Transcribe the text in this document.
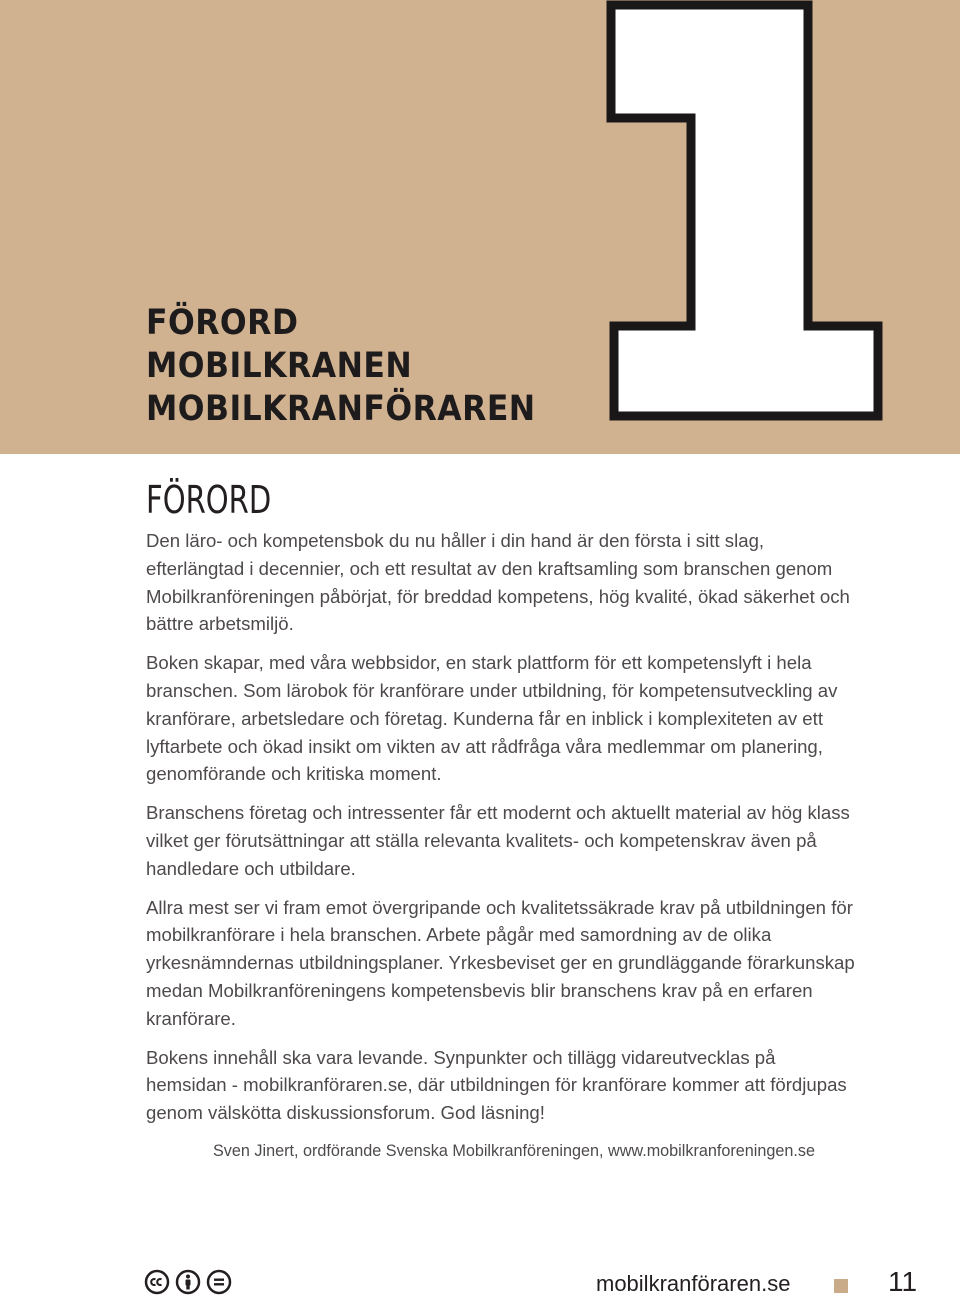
FÖRORD
MOBILKRANEN
MOBILKRANFÖRAREN
FÖRORD

Den läro- och kompetensbok du nu håller i din hand är den första i sitt slag, efterlängtad i decennier, och ett resultat av den kraftsamling som branschen genom Mobilkranföreningen påbörjat, för breddad kompetens, hög kvalité, ökad säkerhet och bättre arbetsmiljö.

Boken skapar, med våra webbsidor, en stark plattform för ett kompetenslyft i hela branschen. Som lärobok för kranförare under utbildning, för kompetensutveckling av kranförare, arbetsledare och företag. Kunderna får en inblick i komplexiteten av ett lyftarbete och ökad insikt om vikten av att rådfråga våra medlemmar om planering, genomförande och kritiska moment.

Branschens företag och intressenter får ett modernt och aktuellt material av hög klass vilket ger förutsättningar att ställa relevanta kvalitets- och kompetenskrav även på handledare och utbildare.

Allra mest ser vi fram emot övergripande och kvalitetssäkrade krav på utbildningen för mobilkranförare i hela branschen. Arbete pågår med samordning av de olika yrkesnämndernas utbildningsplaner. Yrkesbeviset ger en grundläggande förarkunskap medan Mobilkranföreningens kompetensbevis blir branschens krav på en erfaren kranförare.

Bokens innehåll ska vara levande. Synpunkter och tillägg vidareutvecklas på hemsidan - mobilkranföraren.se, där utbildningen för kranförare kommer att fördjupas genom välskötta diskussionsforum. God läsning!

Sven Jinert, ordförande Svenska Mobilkranföreningen, www.mobilkranforeningen.se
mobilkranföraren.se	11
